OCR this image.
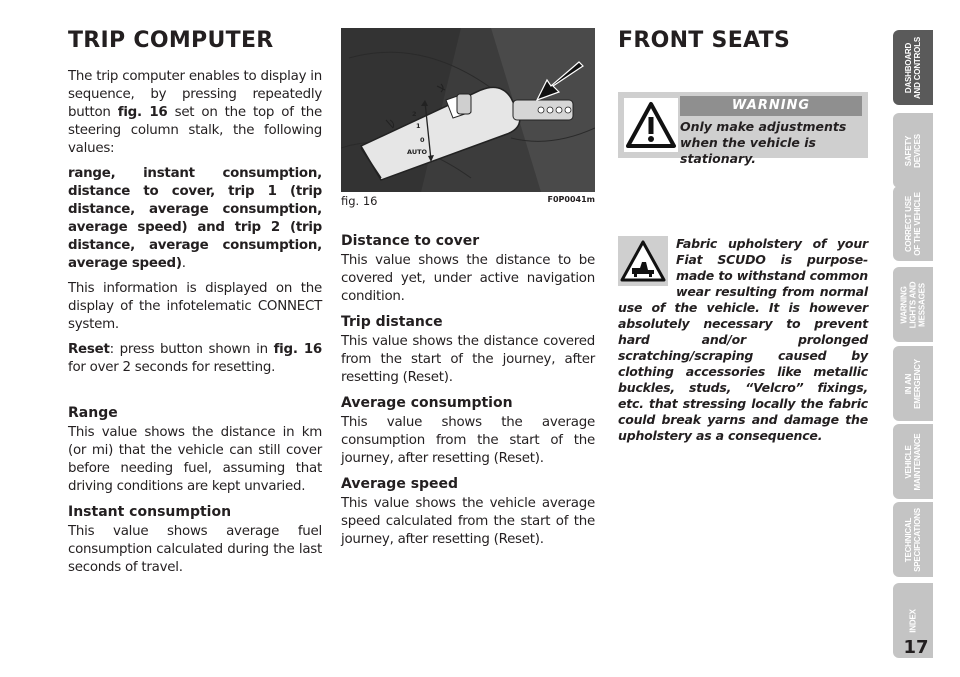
TRIP COMPUTER

The trip computer enables to display in sequence, by pressing repeatedly button fig. 16 set on the top of the steering column stalk, the following values:

range, instant consumption, distance to cover, trip 1 (trip distance, average consumption, average speed) and trip 2 (trip distance, average consumption, average speed).

This information is displayed on the display of the infotelematic CONNECT system.

Reset: press button shown in fig. 16 for over 2 seconds for resetting.

Range

This value shows the distance in km (or mi) that the vehicle can still cover before needing fuel, assuming that driving conditions are kept unvaried.

Instant consumption

This value shows average fuel consumption calculated during the last seconds of travel.

2
1
0
AUTO
fig. 16	F0P0041m
Distance to cover

This value shows the distance to be covered yet, under active navigation condition.

Trip distance

This value shows the distance covered from the start of the journey, after resetting (Reset).

Average consumption

This value shows the average consumption from the start of the journey, after resetting (Reset).

Average speed

This value shows the vehicle average speed calculated from the start of the journey, after resetting (Reset).

FRONT SEATS
WARNING
Only make adjustments when the vehicle is stationary.
Fabric upholstery of your Fiat SCUDO is purpose-made to withstand common wear resulting from normal use of the vehicle. It is however absolutely necessary to prevent hard and/or prolonged scratching/scraping caused by clothing accessories like metallic buckles, studs, “Velcro” fixings, etc. that stressing locally the fabric could break yarns and damage the upholstery as a consequence.
DASHBOARD AND CONTROLS
SAFETY DEVICES
CORRECT USE OF THE VEHICLE
WARNING LIGHTS AND MESSAGES
IN AN EMERGENCY
VEHICLE MAINTENANCE
TECHNICAL SPECIFICATIONS
INDEX
17
